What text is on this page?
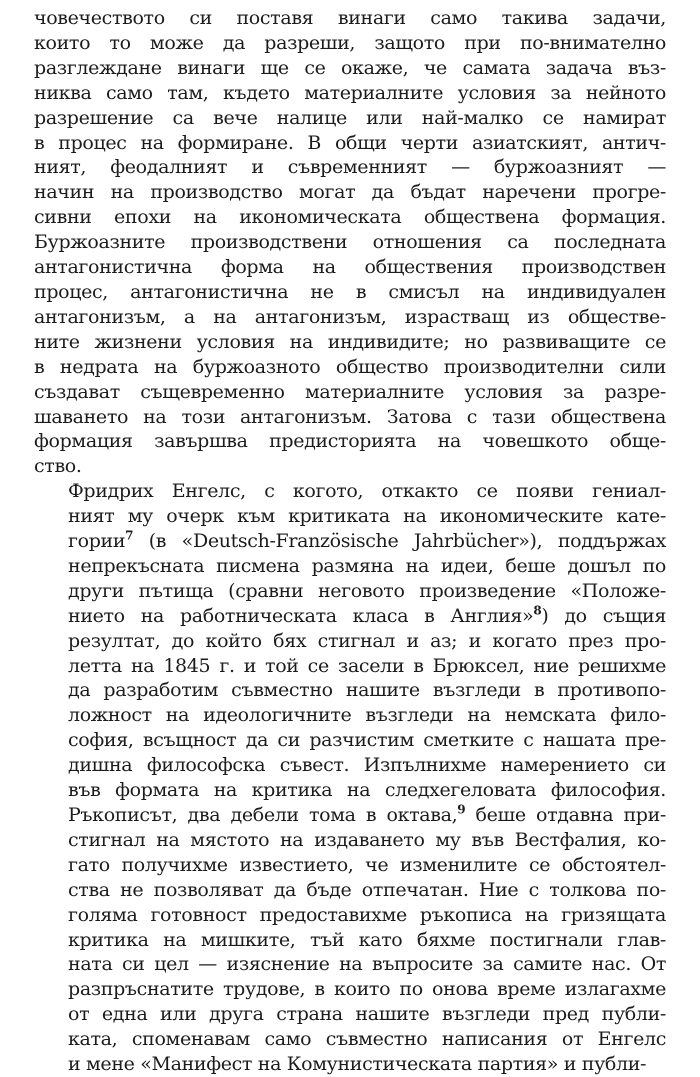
човечеството си поставя винаги само такива задачи,
които то може да разреши, защото при по-внимателно
разглеждане винаги ще се окаже, че самата задача въз-
никва само там, където материалните условия за нейното
разрешение са вече налице или най-малко се намират
в процес на формиране. В общи черти азиатският, антич-
ният, феодалният и съвременният — буржоазният —
начин на производство могат да бъдат наречени прогре-
сивни епохи на икономическата обществена формация.
Буржоазните производствени отношения са последната
антагонистична форма на обществения производствен
процес, антагонистична не в смисъл на индивидуален
антагонизъм, а на антагонизъм, израстващ из обществе-
ните жизнени условия на индивидите; но развиващите се
в недрата на буржоазното общество производителни сили
създават същевременно материалните условия за разре-
шаването на този антагонизъм. Затова с тази обществена
формация завършва предисторията на човешкото обще-
ство.
Фридрих Енгелс, с когото, откакто се появи гениал-
ният му очерк към критиката на икономическите кате-
гории$^7$ (в «Deutsch-Französische Jahrbücher»), поддържах
непрекъсната писмена размяна на идеи, беше дошъл по
други пътища (сравни неговото произведение «Положе-
нието на работническата класа в Англия»$^8$) до същия
резултат, до който бях стигнал и аз; и когато през про-
летта на 1845 г. и той се засели в Брюксел, ние решихме
да разработим съвместно нашите възгледи в противопо-
ложност на идеологичните възгледи на немската фило-
софия, всъщност да си разчистим сметките с нашата пре-
дишна философска съвест. Изпълнихме намерението си
във формата на критика на следхегеловата философия.
Ръкописът, два дебели тома в октава,$^9$ беше отдавна при-
стигнал на мястото на издаването му във Вестфалия, ко-
гато получихме известието, че изменилите се обстоятел-
ства не позволяват да бъде отпечатан. Ние с толкова по-
голяма готовност предоставихме ръкописа на гризящата
критика на мишките, тъй като бяхме постигнали глав-
ната си цел — изяснение на въпросите за самите нас. От
разпръснатите трудове, в които по онова време излагахме
от една или друга страна нашите възгледи пред публи-
ката, споменавам само съвместно написания от Енгелс
и мене «Манифест на Комунистическата партия» и публи-
